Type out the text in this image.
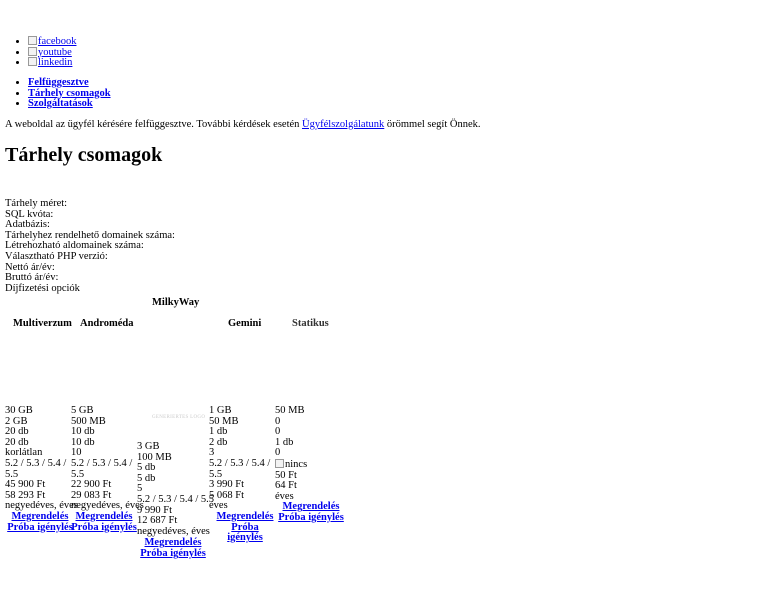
• facebook
• youtube
• linkedin
• Felfüggesztve
• Tárhely csomagok
• Szolgáltatások
A weboldal az ügyfél kérésére felfüggesztve. További kérdések esetén Ügyfélszolgálatunk örömmel segít Önnek.
Tárhely csomagok
Tárhely méret:
SQL kvóta:
Adatbázis:
Tárhelyhez rendelhető domainek száma:
Létrehozható aldomainek száma:
Választható PHP verzió:
Nettó ár/év:
Bruttó ár/év:
Díjfizetési opciók
Multiverzum Androméda
MilkyWay
Gemini	Statikus
GENERIERTES LOGO
30 GB
2 GB
20 db
20 db
korlátlan
5.2 / 5.3 / 5.4 / 5.5
45 900 Ft
58 293 Ft
negyedéves, éves
Megrendelés
Próba igénylés
5 GB
500 MB
10 db
10 db
10
5.2 / 5.3 / 5.4 / 5.5
22 900 Ft
29 083 Ft
negyedéves, éves
Megrendelés
Próba igénylés
3 GB
100 MB
5 db
5 db
5
5.2 / 5.3 / 5.4 / 5.5
9 990 Ft
12 687 Ft
negyedéves, éves
Megrendelés Próba igénylés
1 GB
50 MB
1 db
2 db
3
5.2 / 5.3 / 5.4 / 5.5
3 990 Ft
5 068 Ft
éves
Megrendelés
Próba igénylés
50 MB
0
0
1 db
0
nincs
50 Ft
64 Ft
éves
Megrendelés
Próba igénylés
